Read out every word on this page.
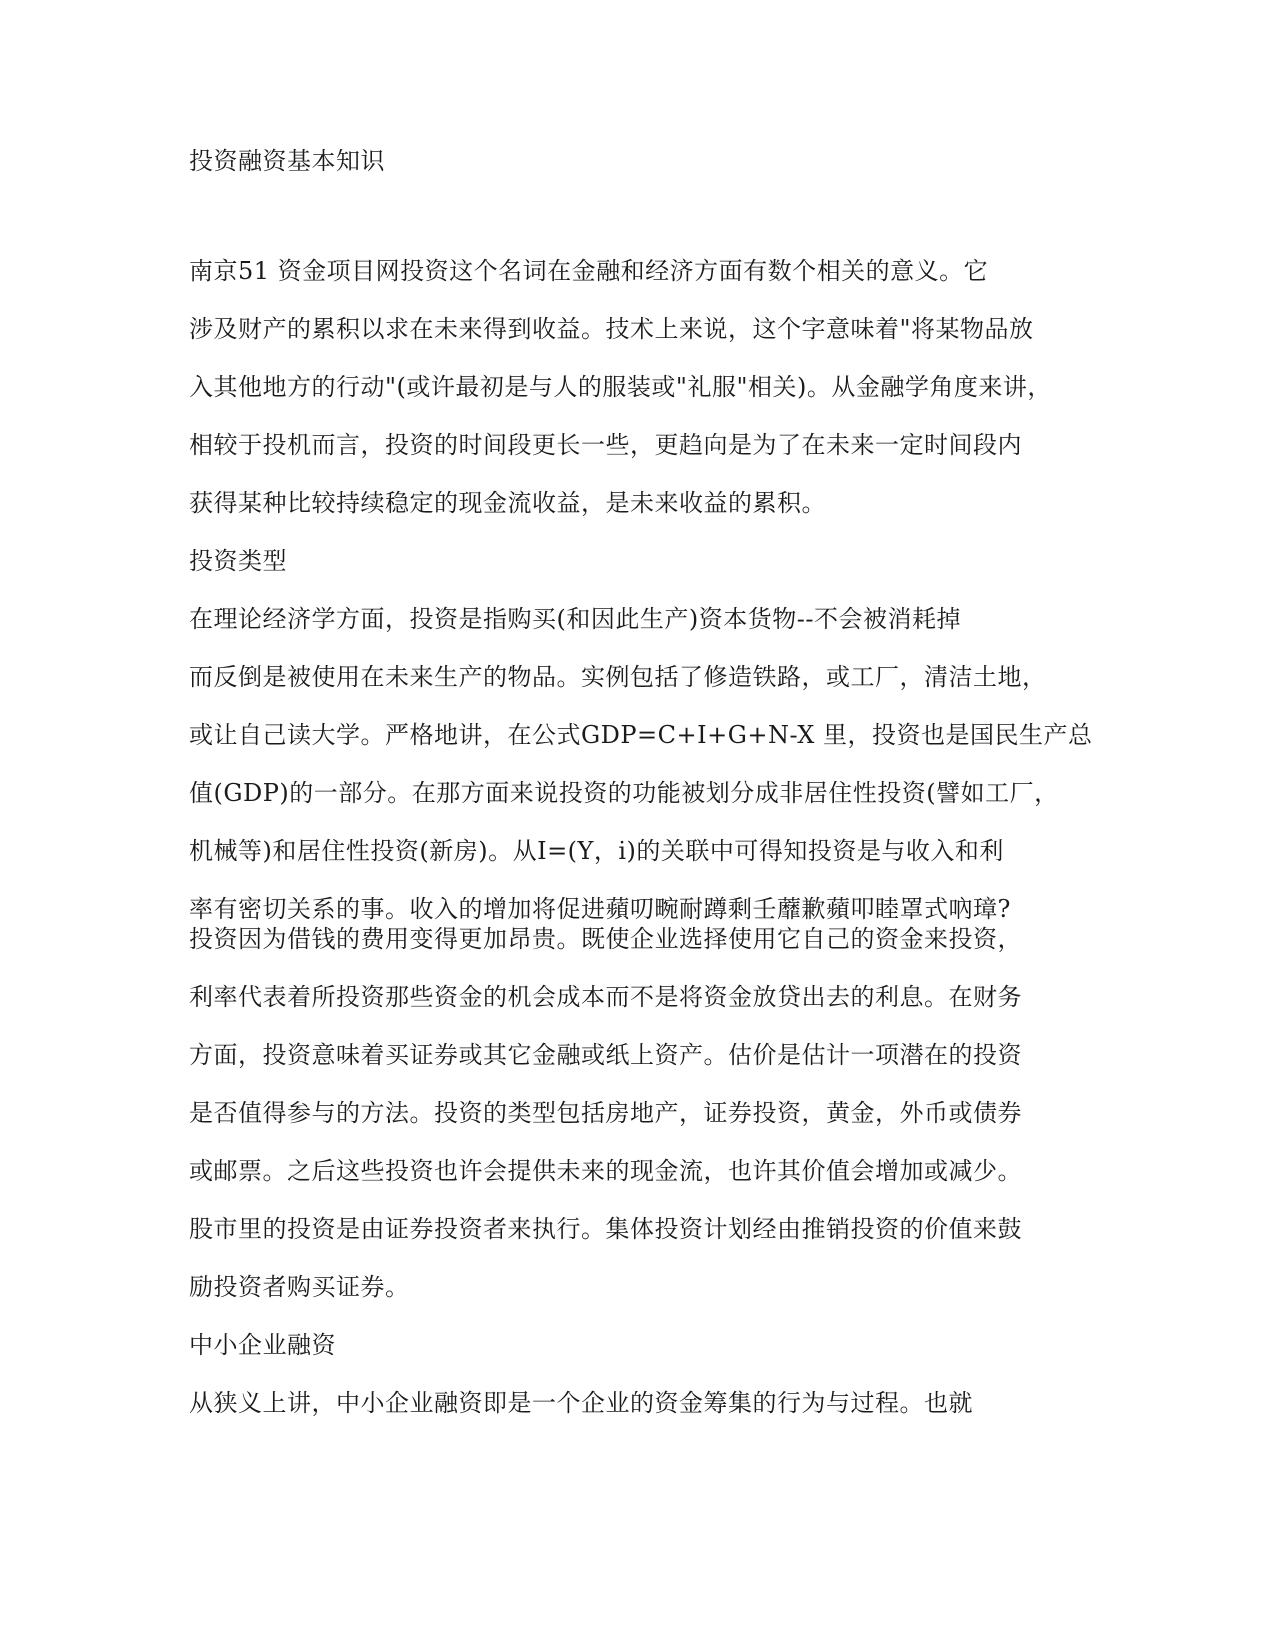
投资融资基本知识
南京51 资金项目网投资这个名词在金融和经济方面有数个相关的意义。它
涉及财产的累积以求在未来得到收益。技术上来说，这个字意味着"将某物品放
入其他地方的行动"(或许最初是与人的服装或"礼服"相关)。从金融学角度来讲，
相较于投机而言，投资的时间段更长一些，更趋向是为了在未来一定时间段内
获得某种比较持续稳定的现金流收益，是未来收益的累积。
投资类型
在理论经济学方面，投资是指购买(和因此生产)资本货物--不会被消耗掉
而反倒是被使用在未来生产的物品。实例包括了修造铁路，或工厂，清洁土地，
或让自己读大学。严格地讲，在公式GDP=C+I+G+N-X 里，投资也是国民生产总
值(GDP)的一部分。在那方面来说投资的功能被划分成非居住性投资(譬如工厂，
机械等)和居住性投资(新房)。从I=(Y，i)的关联中可得知投资是与收入和利
率有密切关系的事。收入的增加将促进蘋叨畹耐蹲剩壬蘼歉蘋叩睦罩式吶璋?
投资因为借钱的费用变得更加昂贵。既使企业选择使用它自己的资金来投资，
利率代表着所投资那些资金的机会成本而不是将资金放贷出去的利息。在财务
方面，投资意味着买证券或其它金融或纸上资产。估价是估计一项潜在的投资
是否值得参与的方法。投资的类型包括房地产，证券投资，黄金，外币或债券
或邮票。之后这些投资也许会提供未来的现金流，也许其价值会增加或减少。
股市里的投资是由证券投资者来执行。集体投资计划经由推销投资的价值来鼓
励投资者购买证券。
中小企业融资
从狭义上讲，中小企业融资即是一个企业的资金筹集的行为与过程。也就
